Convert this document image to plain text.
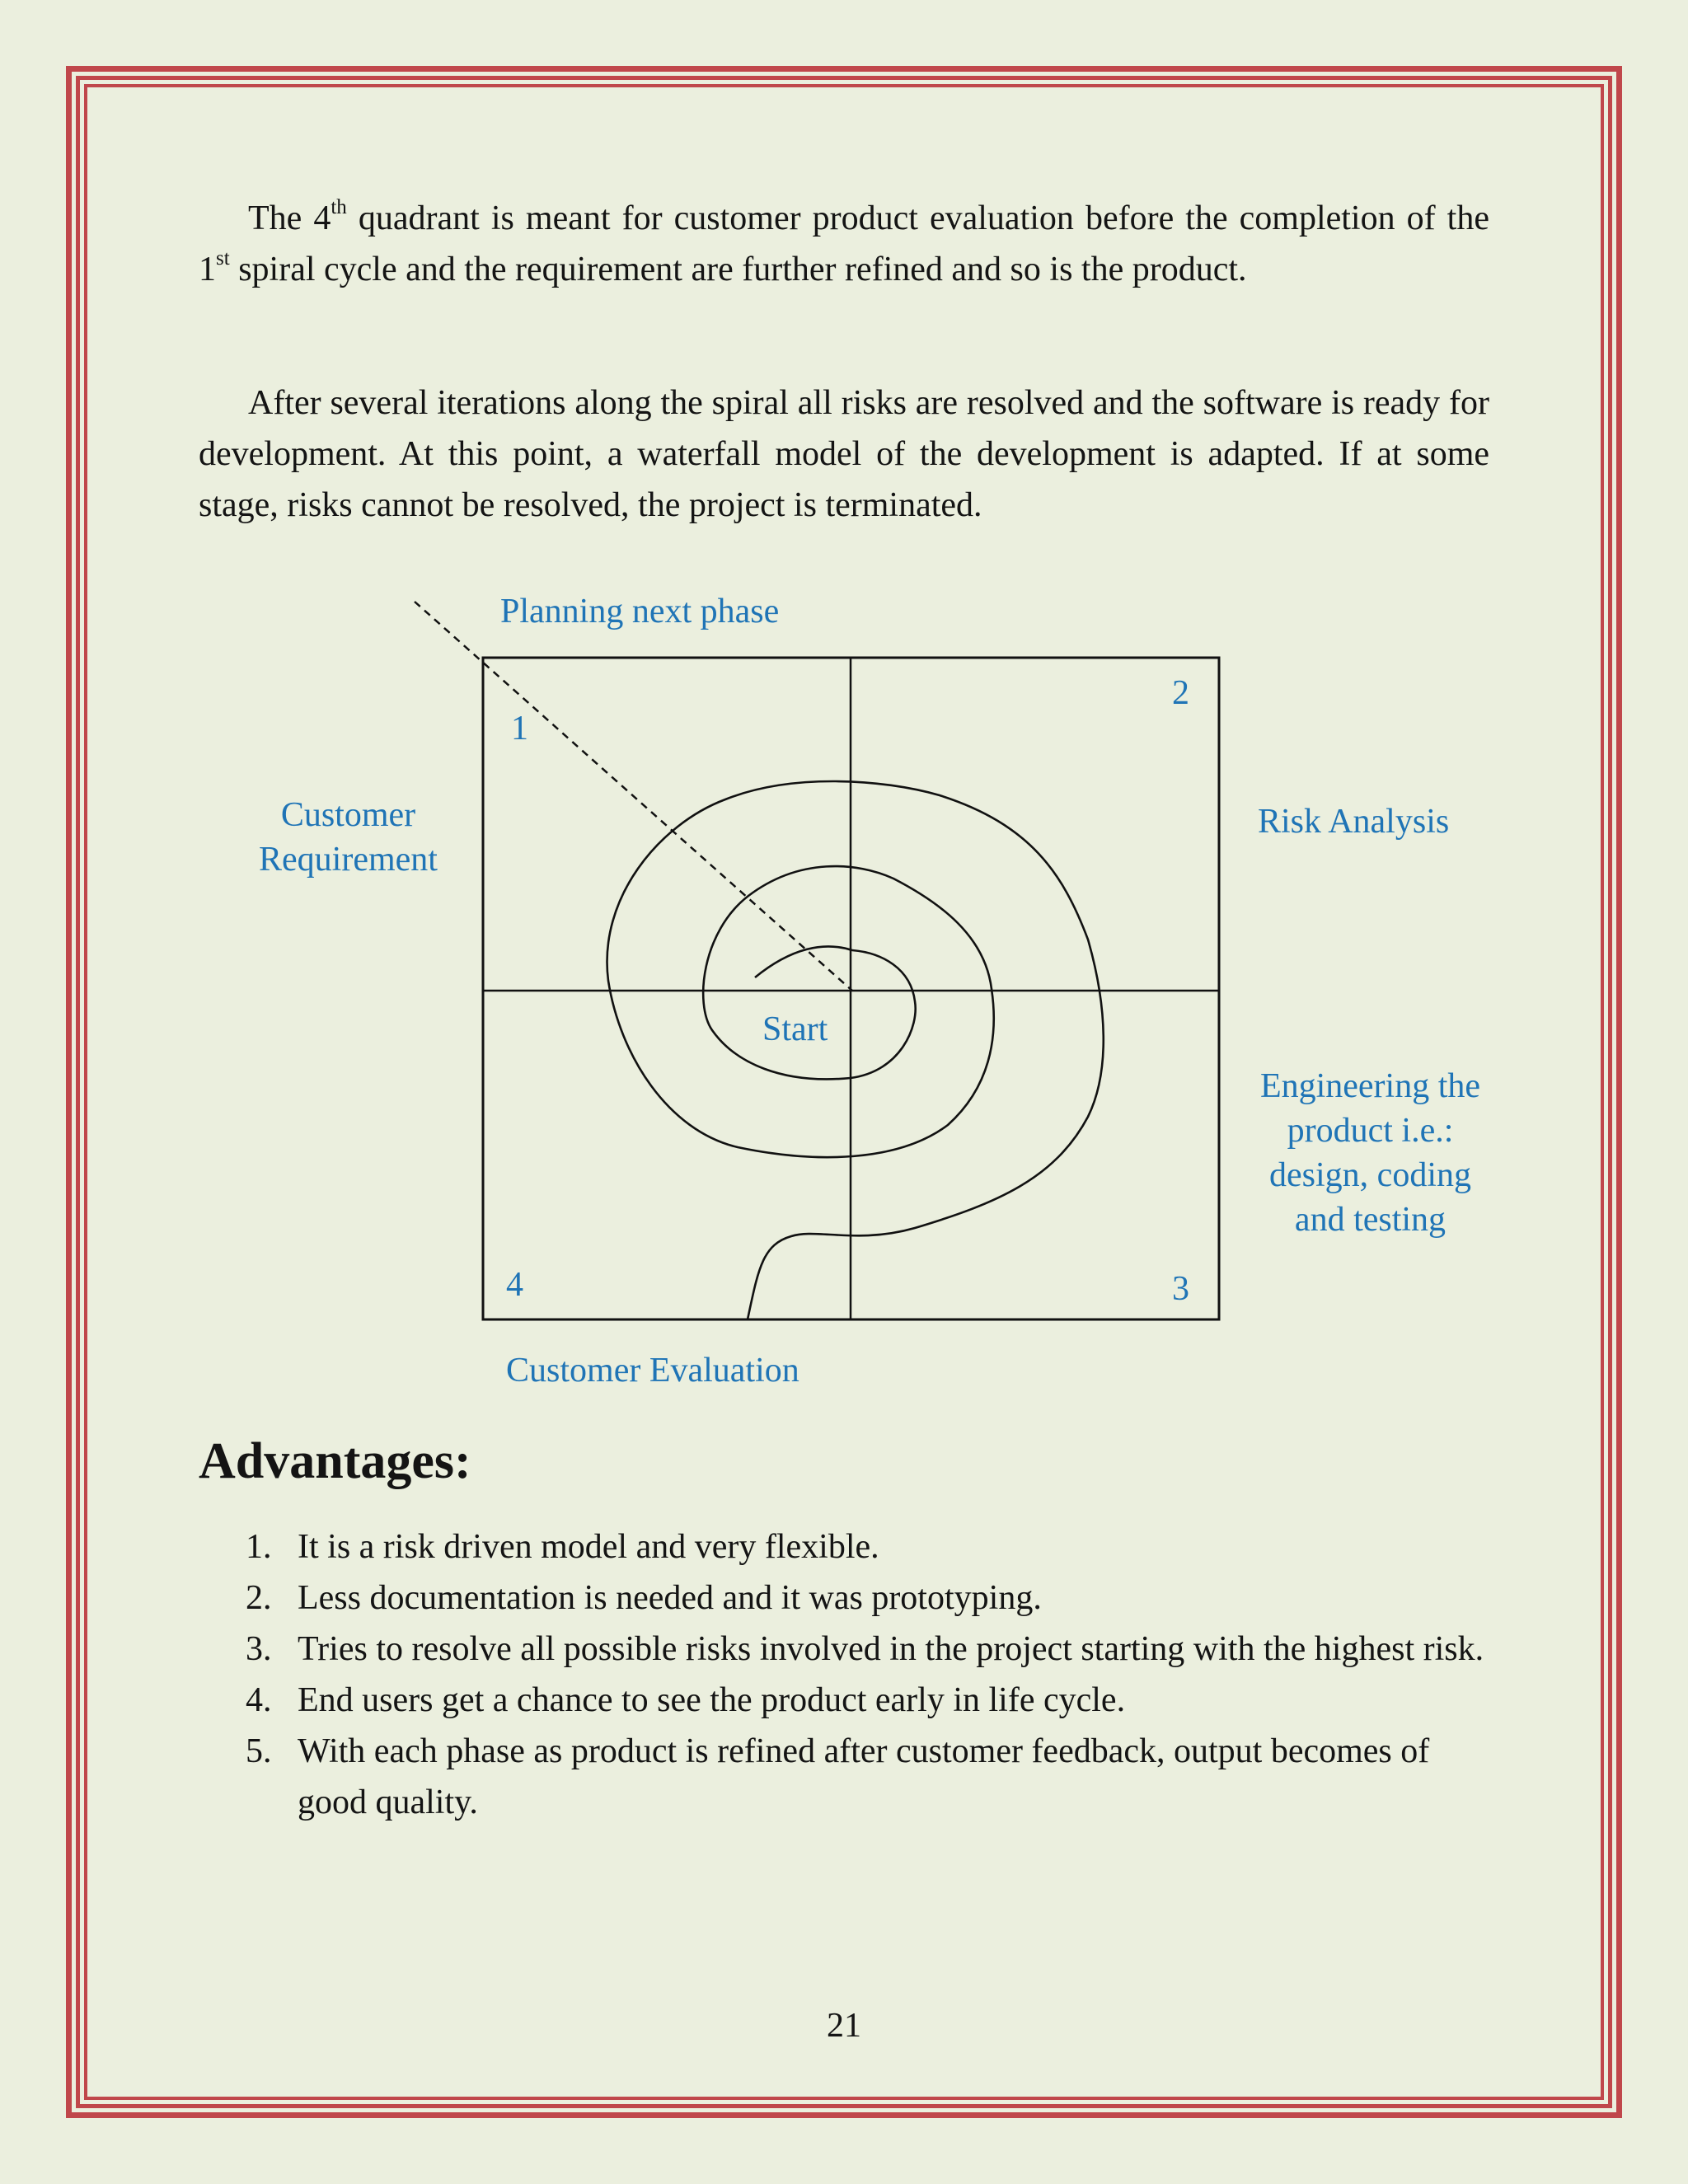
The 4th quadrant is meant for customer product evaluation before the completion of the 1st spiral cycle and the requirement are further refined and so is the product.

After several iterations along the spiral all risks are resolved and the software is ready for development. At this point, a waterfall model of the development is adapted. If at some stage, risks cannot be resolved, the project is terminated.

Planning next phase
1
2
3
4
Customer
Requirement
Risk Analysis
Engineering the
product i.e.:
design, coding
and testing
Start
Customer Evaluation
Advantages:
1. It is a risk driven model and very flexible.
2. Less documentation is needed and it was prototyping.
3. Tries to resolve all possible risks involved in the project starting with the highest risk.
4. End users get a chance to see the product early in life cycle.
5. With each phase as product is refined after customer feedback, output becomes of good quality.
21
